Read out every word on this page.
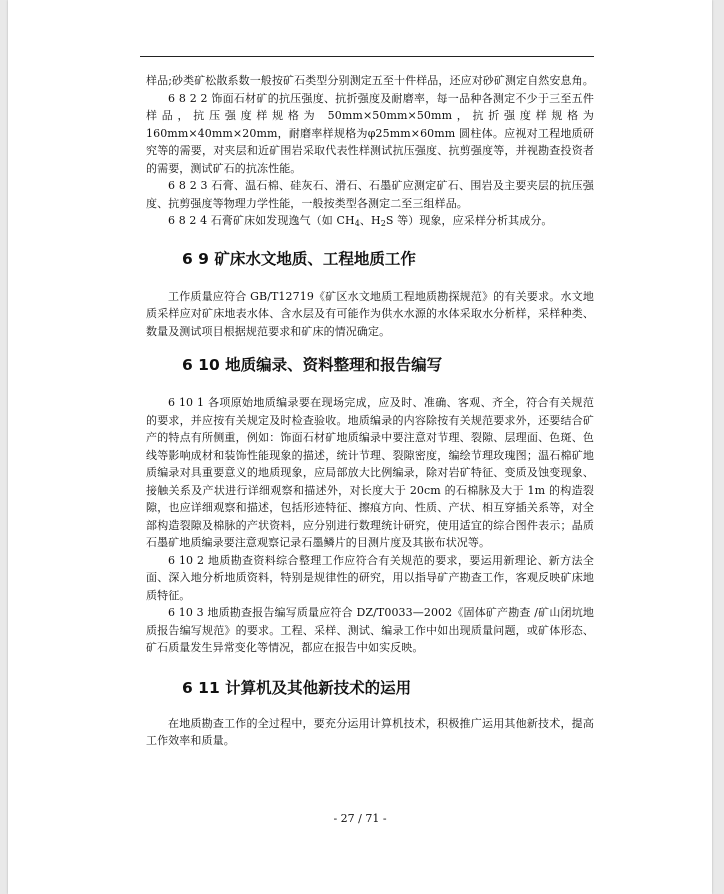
样品;砂类矿松散系数一般按矿石类型分别测定五至十件样品，还应对砂矿测定自然安息角。

6 8 2 2 饰面石材矿的抗压强度、抗折强度及耐磨率，每一品种各测定不少于三至五件样品，抗压强度样规格为 50mm×50mm×50mm，抗折强度样规格为 160mm×40mm×20mm，耐磨率样规格为φ25mm×60mm 圆柱体。应视对工程地质研究等的需要，对夹层和近矿围岩采取代表性样测试抗压强度、抗剪强度等，并视勘查投资者的需要，测试矿石的抗冻性能。

6 8 2 3 石膏、温石棉、硅灰石、滑石、石墨矿应测定矿石、围岩及主要夹层的抗压强度、抗剪强度等物理力学性能，一般按类型各测定二至三组样品。

6 8 2 4 石膏矿床如发现逸气（如 $CH_4$、$H_2S$ 等）现象，应采样分析其成分。

6 9 矿床水文地质、工程地质工作

工作质量应符合 GB/T12719《矿区水文地质工程地质勘探规范》的有关要求。水文地质采样应对矿床地表水体、含水层及有可能作为供水水源的水体采取水分析样，采样种类、数量及测试项目根据规范要求和矿床的情况确定。

6 10 地质编录、资料整理和报告编写

6 10 1 各项原始地质编录要在现场完成，应及时、准确、客观、齐全，符合有关规范的要求，并应按有关规定及时检查验收。地质编录的内容除按有关规范要求外，还要结合矿产的特点有所侧重，例如：饰面石材矿地质编录中要注意对节理、裂隙、层理面、色斑、色线等影响成材和装饰性能现象的描述，统计节理、裂隙密度，编绘节理玫瑰图；温石棉矿地质编录对具重要意义的地质现象，应局部放大比例编录，除对岩矿特征、变质及蚀变现象、接触关系及产状进行详细观察和描述外，对长度大于 20cm 的石棉脉及大于 1m 的构造裂隙，也应详细观察和描述，包括形迹特征、擦痕方向、性质、产状、相互穿插关系等，对全部构造裂隙及棉脉的产状资料，应分别进行数理统计研究，使用适宜的综合图件表示；晶质石墨矿地质编录要注意观察记录石墨鳞片的目测片度及其嵌布状况等。

6 10 2 地质勘查资料综合整理工作应符合有关规范的要求，要运用新理论、新方法全面、深入地分析地质资料，特别是规律性的研究，用以指导矿产勘查工作，客观反映矿床地质特征。

6 10 3 地质勘查报告编写质量应符合 DZ/T0033—2002《固体矿产勘查 /矿山闭坑地质报告编写规范》的要求。工程、采样、测试、编录工作中如出现质量问题，或矿体形态、矿石质量发生异常变化等情况，都应在报告中如实反映。

6 11 计算机及其他新技术的运用

在地质勘查工作的全过程中，要充分运用计算机技术，积极推广运用其他新技术，提高工作效率和质量。

- 27 / 71 -
